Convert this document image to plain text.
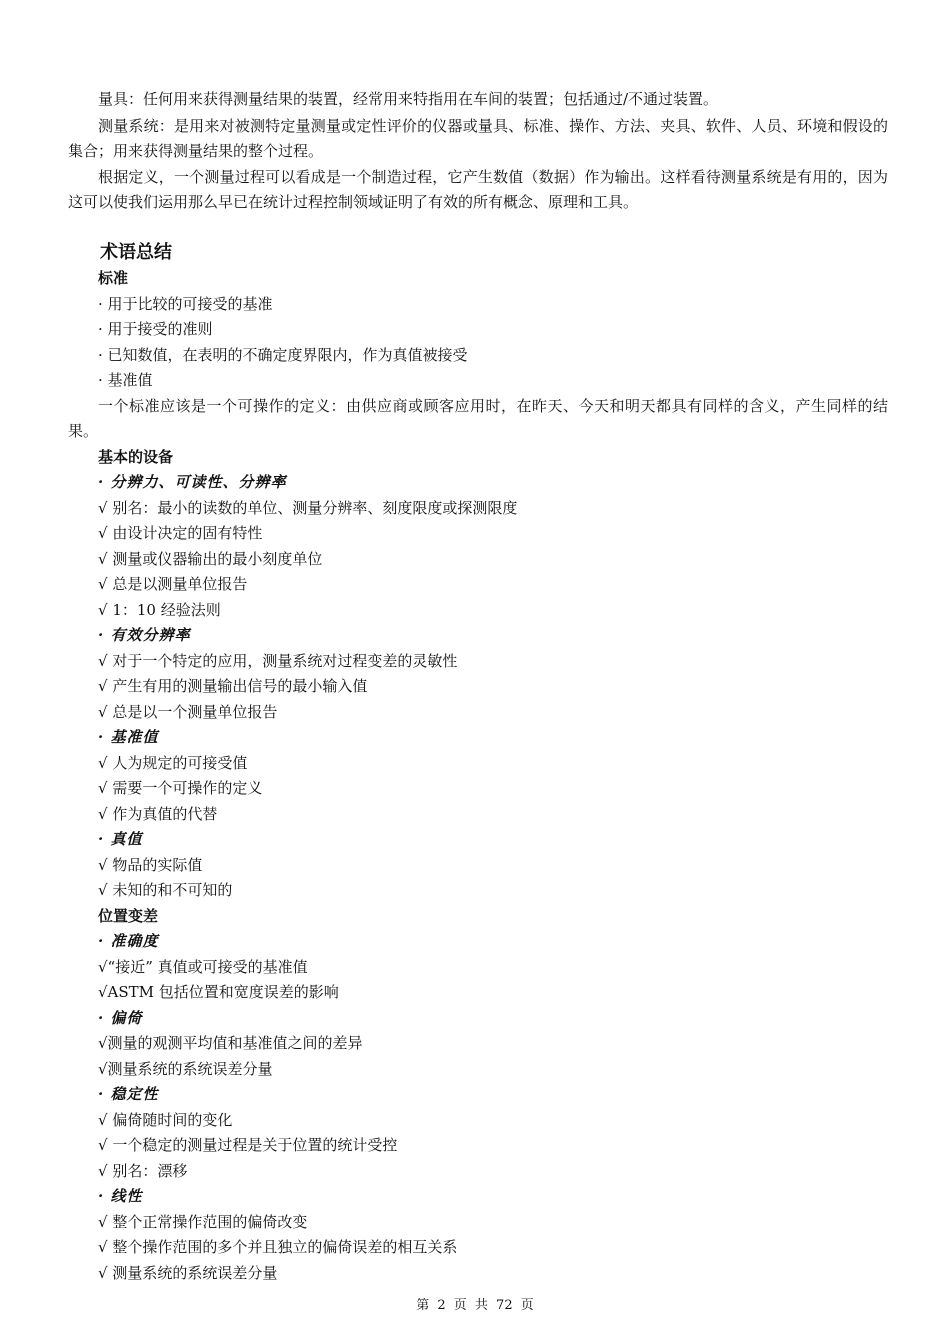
量具：任何用来获得测量结果的装置，经常用来特指用在车间的装置；包括通过/不通过装置。

测量系统：是用来对被测特定量测量或定性评价的仪器或量具、标准、操作、方法、夹具、软件、人员、环境和假设的集合；用来获得测量结果的整个过程。

根据定义，一个测量过程可以看成是一个制造过程，它产生数值（数据）作为输出。这样看待测量系统是有用的，因为这可以使我们运用那么早已在统计过程控制领域证明了有效的所有概念、原理和工具。

术语总结
标准
· 用于比较的可接受的基准
· 用于接受的准则
· 已知数值，在表明的不确定度界限内，作为真值被接受
· 基准值
一个标准应该是一个可操作的定义：由供应商或顾客应用时，在昨天、今天和明天都具有同样的含义，产生同样的结果。
基本的设备
· 分辨力、可读性、分辨率
√ 别名：最小的读数的单位、测量分辨率、刻度限度或探测限度
√ 由设计决定的固有特性
√ 测量或仪器输出的最小刻度单位
√ 总是以测量单位报告
√ 1：10 经验法则
· 有效分辨率
√ 对于一个特定的应用，测量系统对过程变差的灵敏性
√ 产生有用的测量输出信号的最小输入值
√ 总是以一个测量单位报告
· 基准值
√ 人为规定的可接受值
√ 需要一个可操作的定义
√ 作为真值的代替
· 真值
√ 物品的实际值
√ 未知的和不可知的
位置变差
· 准确度
√“接近” 真值或可接受的基准值
√ASTM 包括位置和宽度误差的影响
· 偏倚
√测量的观测平均值和基准值之间的差异
√测量系统的系统误差分量
· 稳定性
√ 偏倚随时间的变化
√ 一个稳定的测量过程是关于位置的统计受控
√ 别名：漂移
· 线性
√ 整个正常操作范围的偏倚改变
√ 整个操作范围的多个并且独立的偏倚误差的相互关系
√ 测量系统的系统误差分量
第 2 页 共 72 页
